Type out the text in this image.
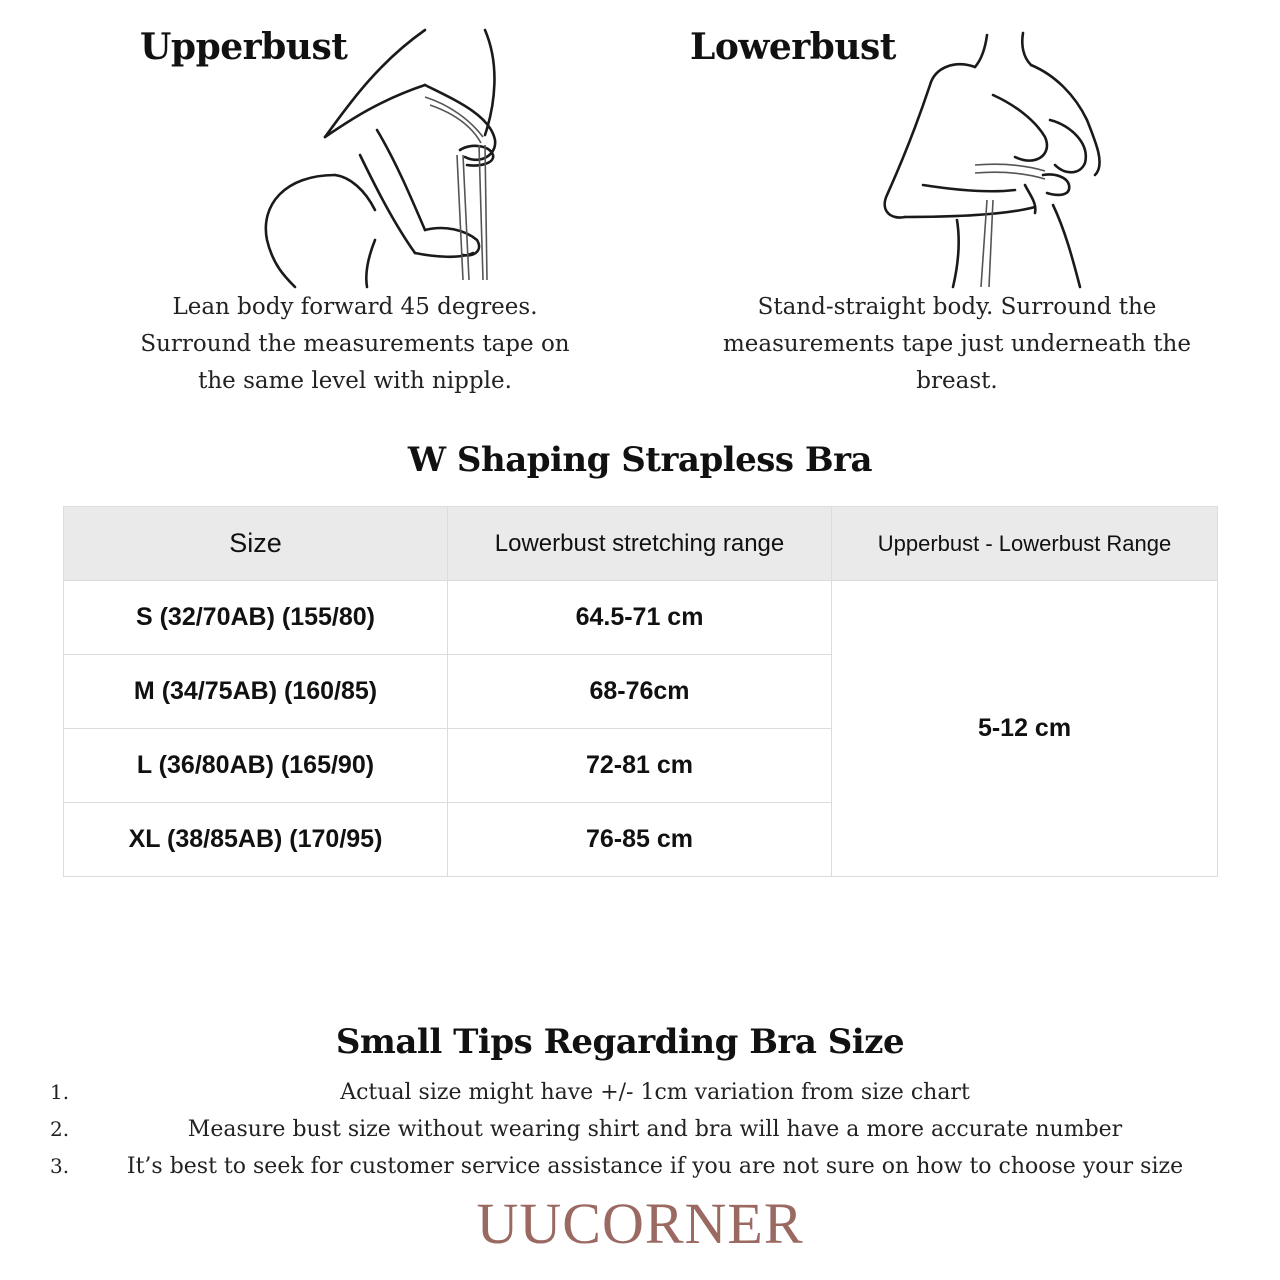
Upperbust
Lean body forward 45 degrees.
Surround the measurements tape on
the same level with nipple.
Lowerbust
Stand-straight body. Surround the
measurements tape just underneath the
breast.
W Shaping Strapless Bra
Size	Lowerbust stretching range	Upperbust - Lowerbust Range
S (32/70AB) (155/80)	64.5-71 cm	5-12 cm
M (34/75AB) (160/85)	68-76cm	
L (36/80AB) (165/90)	72-81 cm	
XL (38/85AB) (170/95)	76-85 cm	
Small Tips Regarding Bra Size
1.	Actual size might have +/- 1cm variation from size chart
2.	Measure bust size without wearing shirt and bra will have a more accurate number
3.	It’s best to seek for customer service assistance if you are not sure on how to choose your size
UUCORNER
